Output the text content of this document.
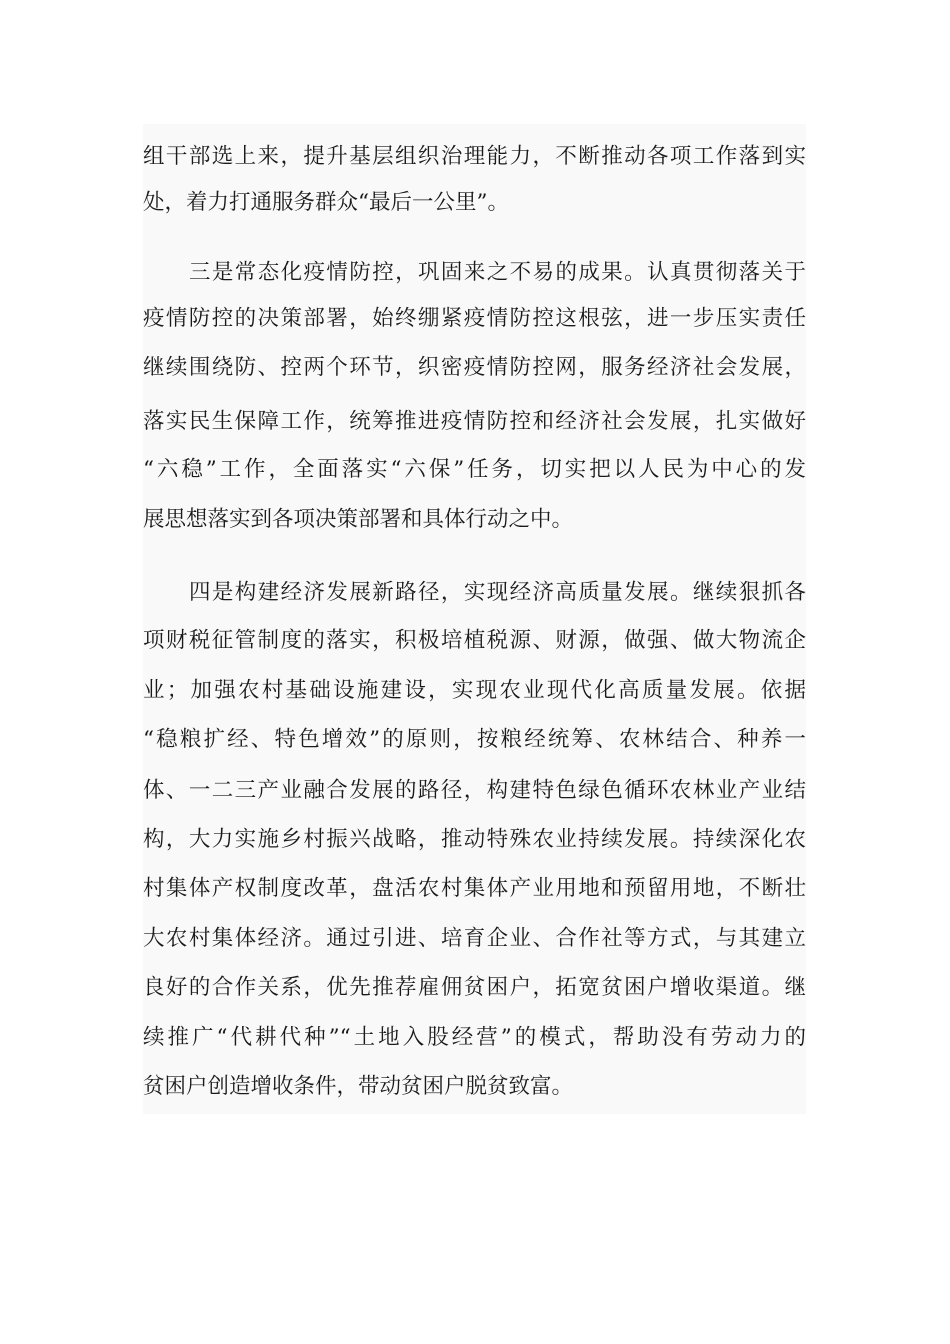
组干部选上来，提升基层组织治理能力，不断推动各项工作落到实
处，着力打通服务群众“最后一公里”。
三是常态化疫情防控，巩固来之不易的成果。认真贯彻落关于
疫情防控的决策部署，始终绷紧疫情防控这根弦，进一步压实责任
继续围绕防、控两个环节，织密疫情防控网，服务经济社会发展，
落实民生保障工作，统筹推进疫情防控和经济社会发展，扎实做好
“六稳”工作，全面落实“六保”任务，切实把以人民为中心的发
展思想落实到各项决策部署和具体行动之中。
四是构建经济发展新路径，实现经济高质量发展。继续狠抓各
项财税征管制度的落实，积极培植税源、财源，做强、做大物流企
业；加强农村基础设施建设，实现农业现代化高质量发展。依据
“稳粮扩经、特色增效”的原则，按粮经统筹、农林结合、种养一
体、一二三产业融合发展的路径，构建特色绿色循环农林业产业结
构，大力实施乡村振兴战略，推动特殊农业持续发展。持续深化农
村集体产权制度改革，盘活农村集体产业用地和预留用地，不断壮
大农村集体经济。通过引进、培育企业、合作社等方式，与其建立
良好的合作关系，优先推荐雇佣贫困户，拓宽贫困户增收渠道。继
续推广“代耕代种”“土地入股经营”的模式，帮助没有劳动力的
贫困户创造增收条件，带动贫困户脱贫致富。
